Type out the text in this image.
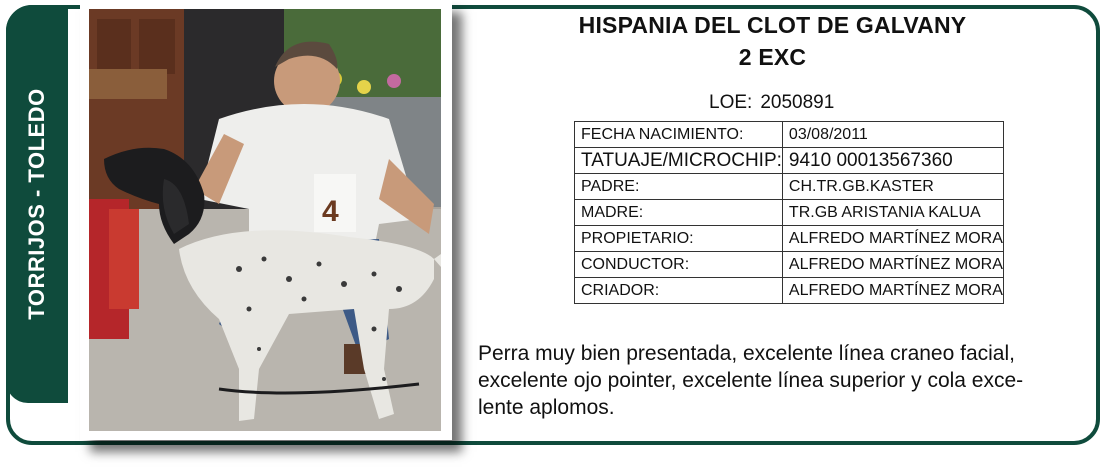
TORRIJOS - TOLEDO	4
HISPANIA DEL CLOT DE GALVANY
2 EXC
LOE: 2050891
FECHA NACIMIENTO:	03/08/2011
TATUAJE/MICROCHIP:	9410 00013567360
PADRE:	CH.TR.GB.KASTER
MADRE:	TR.GB ARISTANIA KALUA
PROPIETARIO:	ALFREDO MARTÍNEZ MORA
CONDUCTOR:	ALFREDO MARTÍNEZ MORA
CRIADOR:	ALFREDO MARTÍNEZ MORA
Perra muy bien presentada, excelente línea craneo facial,
excelente ojo pointer, excelente línea superior y cola exce-
lente aplomos.
